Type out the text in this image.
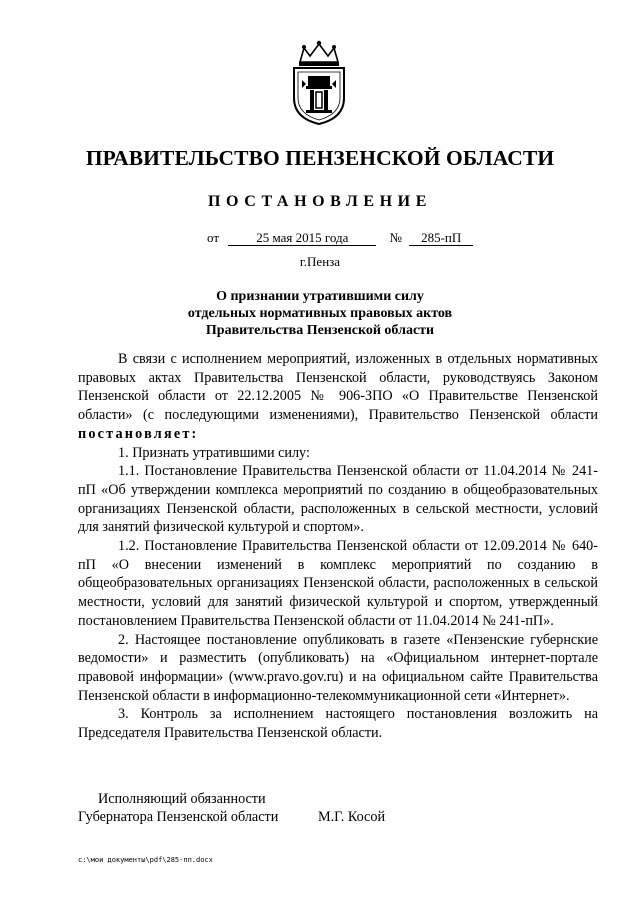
ПРАВИТЕЛЬСТВО ПЕНЗЕНСКОЙ ОБЛАСТИ
ПОСТАНОВЛЕНИЕ
от	25 мая 2015 года	№ 285-пП
г.Пенза
О признании утратившими силу
отдельных нормативных правовых актов
Правительства Пензенской области

В связи с исполнением мероприятий, изложенных в отдельных нормативных правовых актах Правительства Пензенской области, руководствуясь Законом Пензенской области от 22.12.2005 № 906-ЗПО «О Правительстве Пензенской области» (с последующими изменениями), Правительство Пензенской области постановляет:

1. Признать утратившими силу:

1.1. Постановление Правительства Пензенской области от 11.04.2014 № 241-пП «Об утверждении комплекса мероприятий по созданию в общеобразовательных организациях Пензенской области, расположенных в сельской местности, условий для занятий физической культурой и спортом».

1.2. Постановление Правительства Пензенской области от 12.09.2014 № 640-пП «О внесении изменений в комплекс мероприятий по созданию в общеобразовательных организациях Пензенской области, расположенных в сельской местности, условий для занятий физической культурой и спортом, утвержденный постановлением Правительства Пензенской области от 11.04.2014 № 241-пП».

2. Настоящее постановление опубликовать в газете «Пензенские губернские ведомости» и разместить (опубликовать) на «Официальном интернет-портале правовой информации» (www.pravo.gov.ru) и на официальном сайте Правительства Пензенской области в информационно-телекоммуникационной сети «Интернет».

3. Контроль за исполнением настоящего постановления возложить на Председателя Правительства Пензенской области.

Исполняющий обязанности
Губернатора Пензенской области	М.Г. Косой
c:\мои документы\pdf\285-пп.docx
